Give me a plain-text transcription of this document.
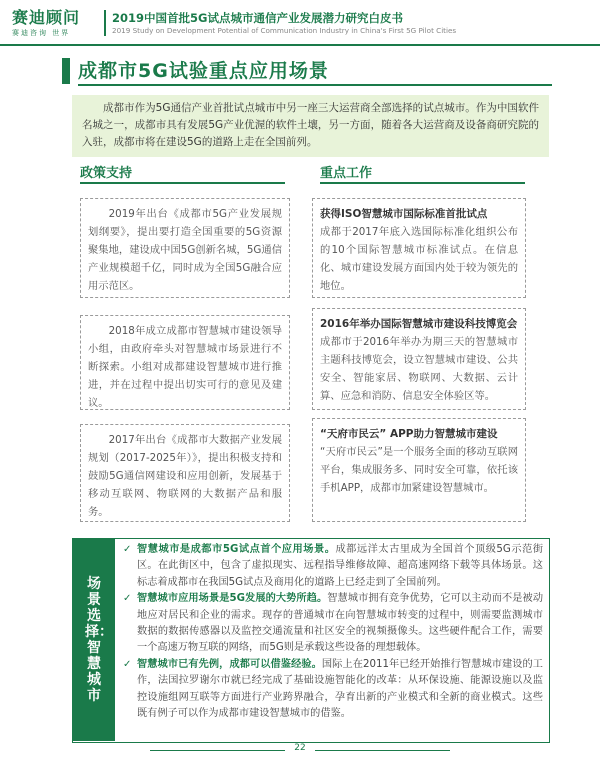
赛迪顾问
赛迪咨询 世界
2019中国首批5G试点城市通信产业发展潜力研究白皮书
2019 Study on Development Potential of Communication Industry in China's First 5G Pilot Cities
成都市5G试验重点应用场景

成都市作为5G通信产业首批试点城市中另一座三大运营商全部选择的试点城市。作为中国软件名城之一，成都市具有发展5G产业优渥的软件土壤，另一方面，随着各大运营商及设备商研究院的入驻，成都市将在建设5G的道路上走在全国前列。

政策支持	重点工作

2019年出台《成都市5G产业发展规划纲要》，提出要打造全国重要的5G资源聚集地，建设成中国5G创新名城，5G通信产业规模超千亿，同时成为全国5G融合应用示范区。

2018年成立成都市智慧城市建设领导小组，由政府牵头对智慧城市场景进行不断探索。小组对成都建设智慧城市进行推进，并在过程中提出切实可行的意见及建议。

2017年出台《成都市大数据产业发展规划（2017-2025年）》，提出积极支持和鼓励5G通信网建设和应用创新，发展基于移动互联网、物联网的大数据产品和服务。

获得ISO智慧城市国际标准首批试点

成都于2017年底入选国际标准化组织公布的10个国际智慧城市标准试点。在信息化、城市建设发展方面国内处于较为领先的地位。

2016年举办国际智慧城市建设科技博览会

成都市于2016年举办为期三天的智慧城市主题科技博览会，设立智慧城市建设、公共安全、智能家居、物联网、大数据、云计算、应急和消防、信息安全体验区等。

“天府市民云” APP助力智慧城市建设

“天府市民云”是一个服务全面的移动互联网平台，集成服务多、同时安全可靠，依托该手机APP，成都市加紧建设智慧城市。

场景选择：智慧城市

✓ 智慧城市是成都市5G试点首个应用场景。成都远洋太古里成为全国首个顶级5G示范街区。在此街区中，包含了虚拟现实、远程指导维修故障、超高速网络下载等具体场景。这标志着成都市在我国5G试点及商用化的道路上已经走到了全国前列。

✓ 智慧城市应用场景是5G发展的大势所趋。智慧城市拥有竞争优势，它可以主动而不是被动地应对居民和企业的需求。现存的普通城市在向智慧城市转变的过程中，则需要监测城市数据的数据传感器以及监控交通流量和社区安全的视频摄像头。这些硬件配合工作，需要一个高速万物互联的网络，而5G则是承载这些设备的理想载体。

✓ 智慧城市已有先例，成都可以借鉴经验。国际上在2011年已经开始推行智慧城市建设的工作，法国拉罗谢尔市就已经完成了基础设施智能化的改革：从环保设施、能源设施以及监控设施组网互联等方面进行产业跨界融合，孕育出新的产业模式和全新的商业模式。这些既有例子可以作为成都市建设智慧城市的借鉴。

22
